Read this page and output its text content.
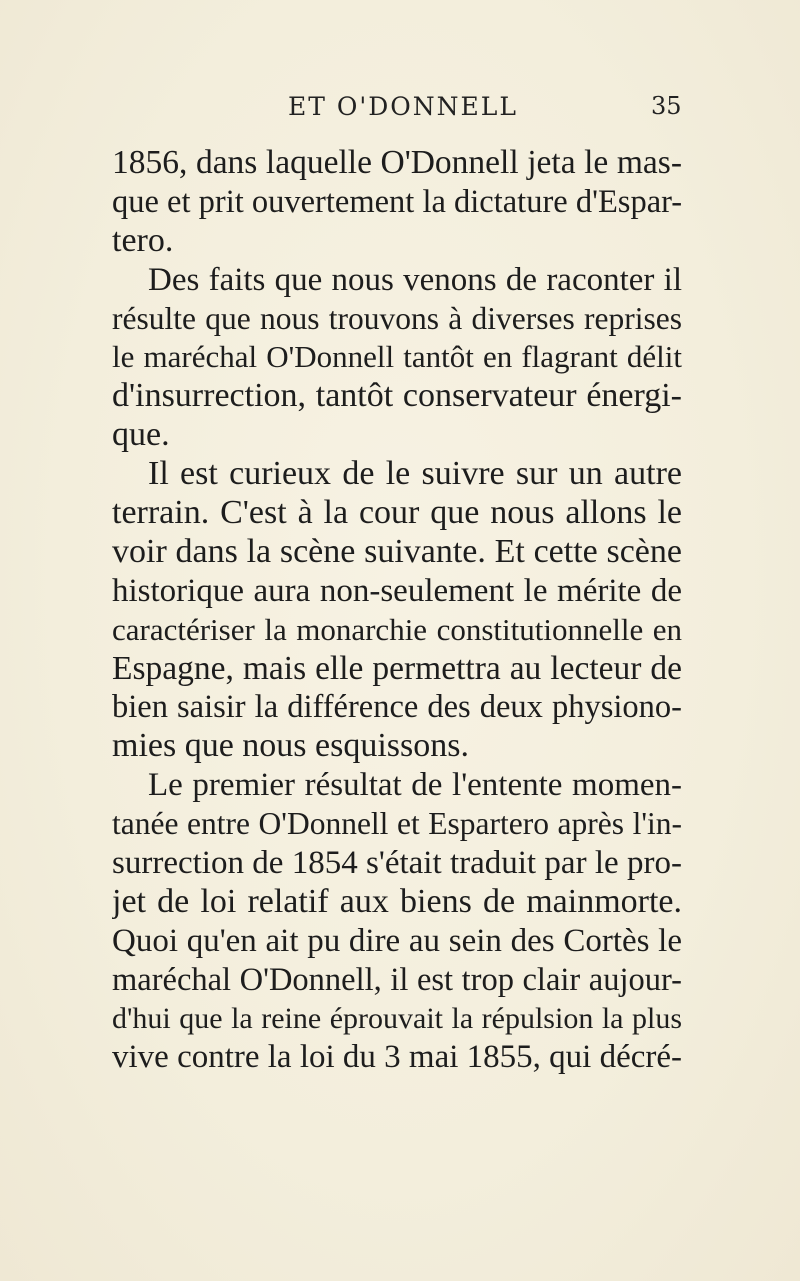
ET O'DONNELL	35
1856, dans laquelle O'Donnell jeta le mas-
que et prit ouvertement la dictature d'Espar-
tero.
Des faits que nous venons de raconter il
résulte que nous trouvons à diverses reprises
le maréchal O'Donnell tantôt en flagrant délit
d'insurrection, tantôt conservateur énergi-
que.
Il est curieux de le suivre sur un autre
terrain. C'est à la cour que nous allons le
voir dans la scène suivante. Et cette scène
historique aura non-seulement le mérite de
caractériser la monarchie constitutionnelle en
Espagne, mais elle permettra au lecteur de
bien saisir la différence des deux physiono-
mies que nous esquissons.
Le premier résultat de l'entente momen-
tanée entre O'Donnell et Espartero après l'in-
surrection de 1854 s'était traduit par le pro-
jet de loi relatif aux biens de mainmorte.
Quoi qu'en ait pu dire au sein des Cortès le
maréchal O'Donnell, il est trop clair aujour-
d'hui que la reine éprouvait la répulsion la plus
vive contre la loi du 3 mai 1855, qui décré-
